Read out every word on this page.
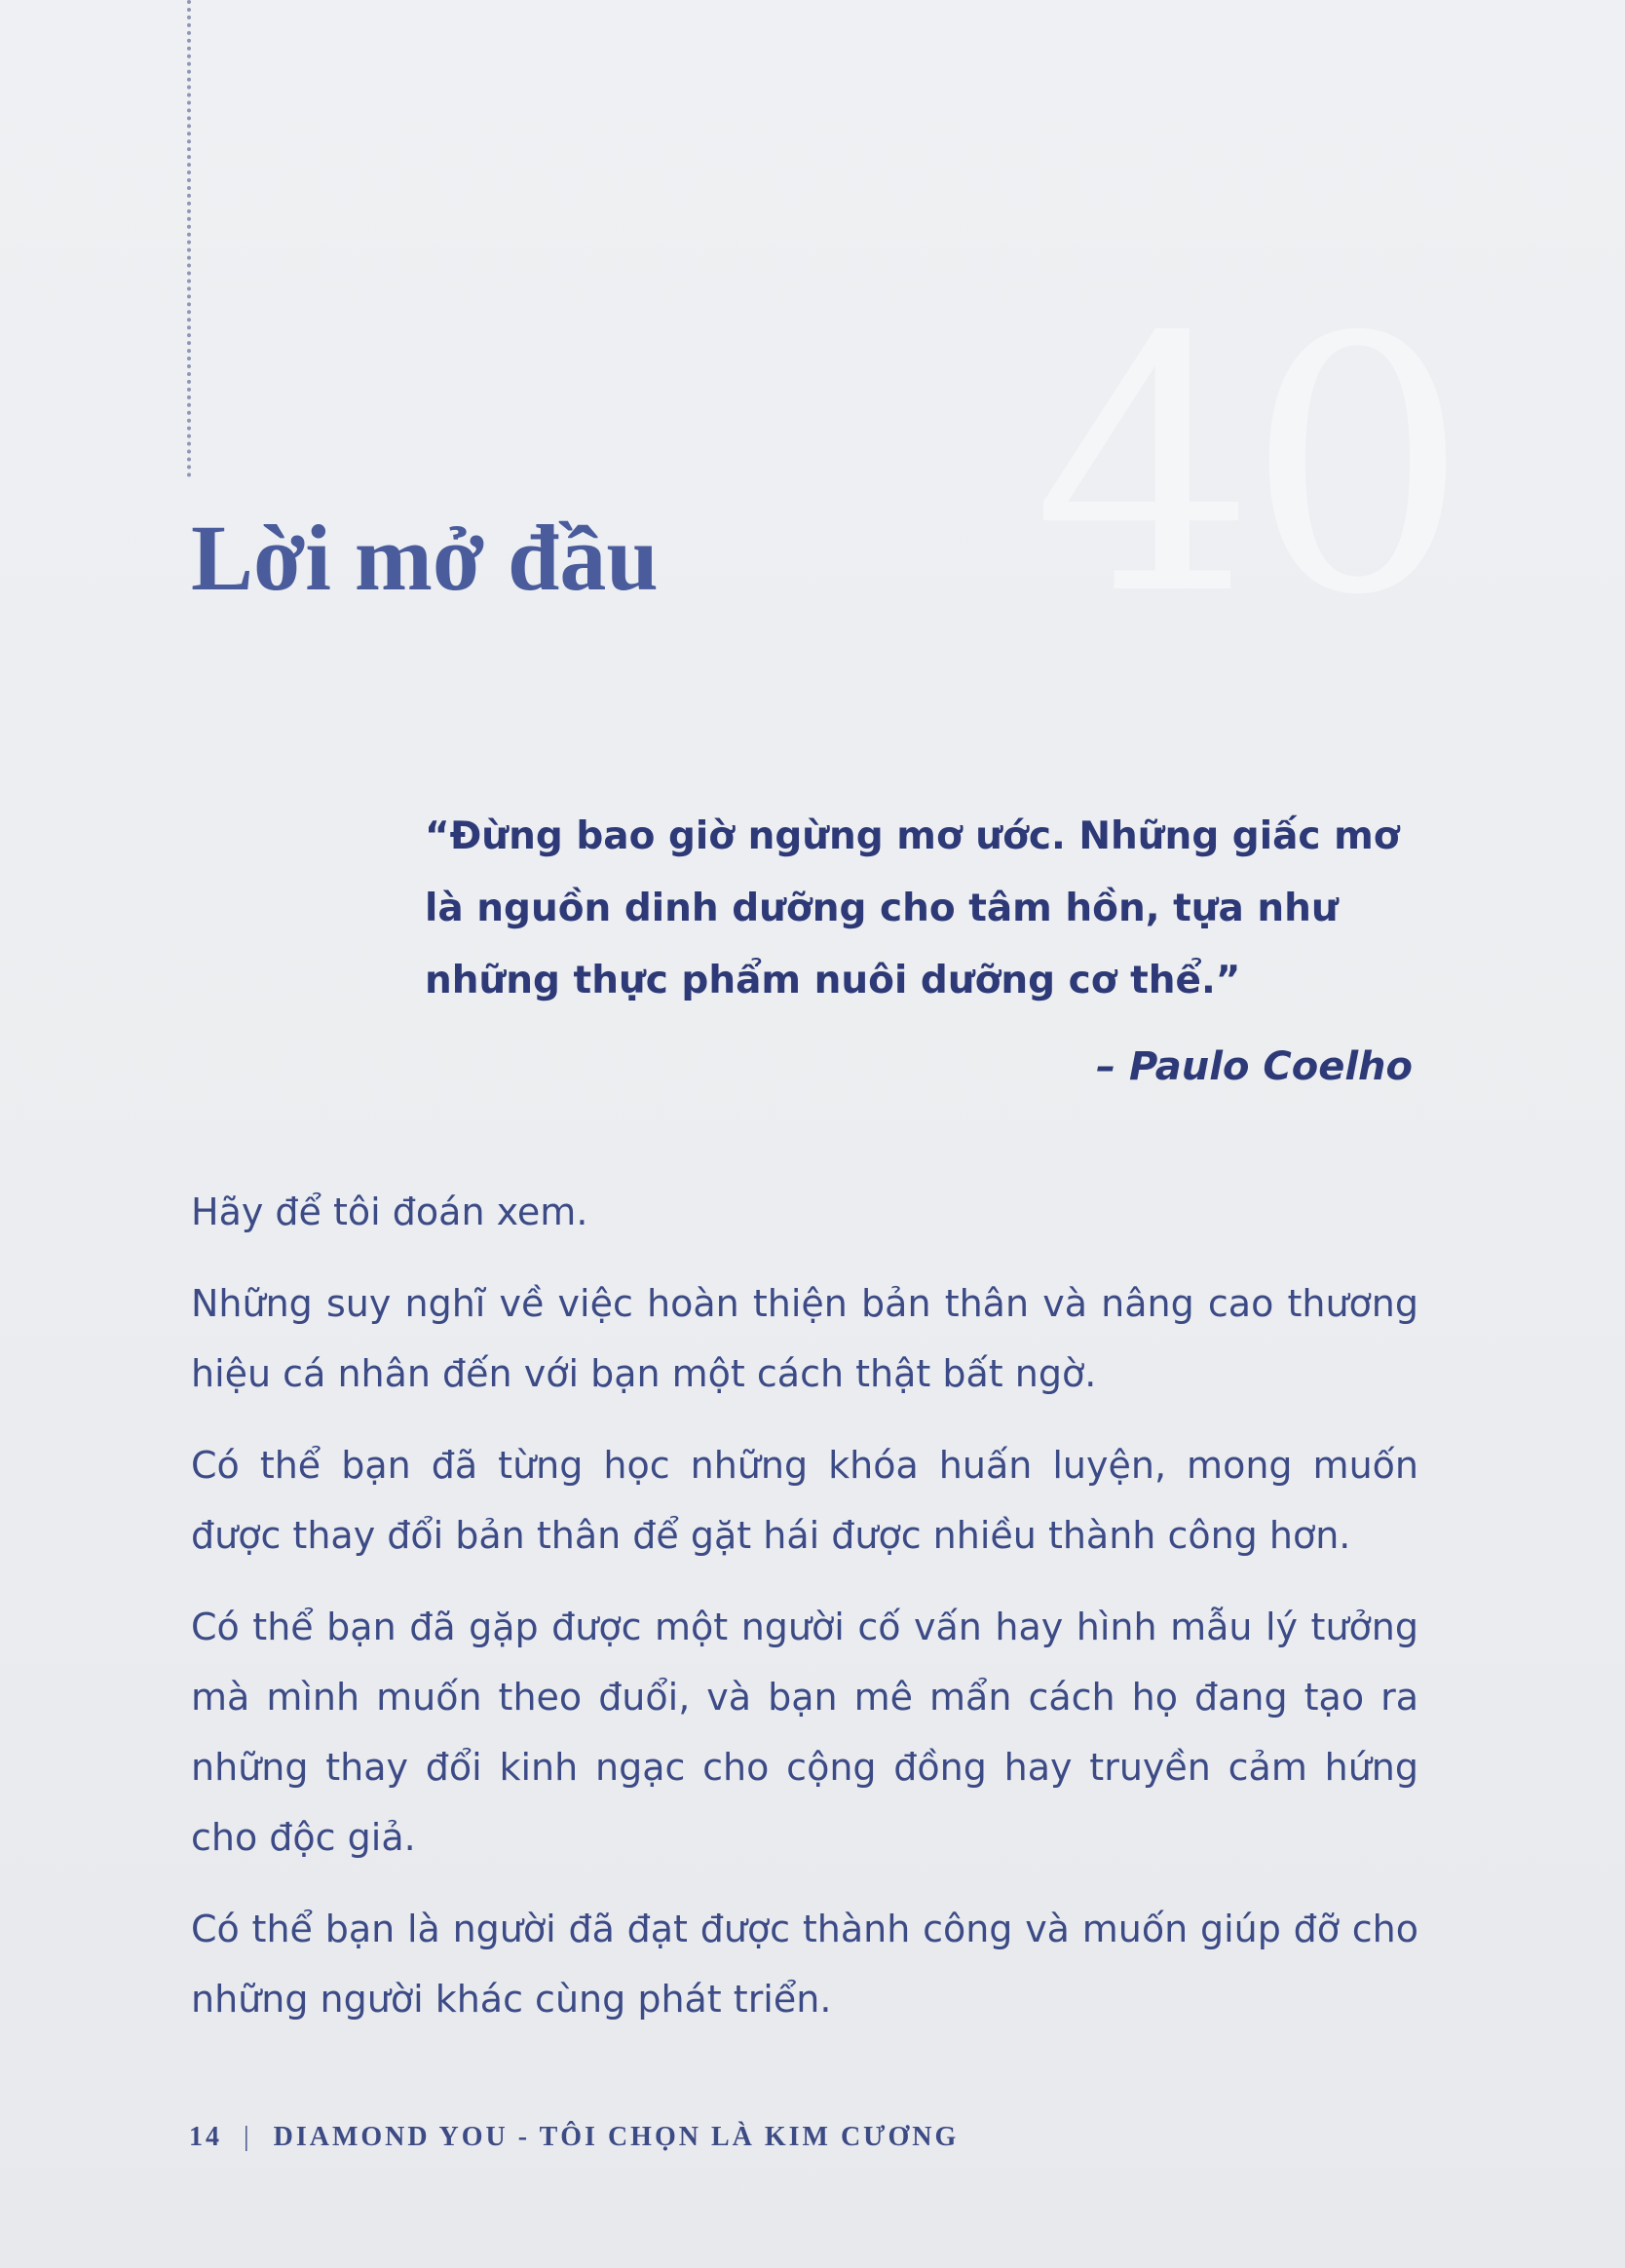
40
Lời mở đầu

“Đừng bao giờ ngừng mơ ước. Những giấc mơ là nguồn dinh dưỡng cho tâm hồn, tựa như những thực phẩm nuôi dưỡng cơ thể.”

– Paulo Coelho

Hãy để tôi đoán xem.

Những suy nghĩ về việc hoàn thiện bản thân và nâng cao thương hiệu cá nhân đến với bạn một cách thật bất ngờ.

Có thể bạn đã từng học những khóa huấn luyện, mong muốn được thay đổi bản thân để gặt hái được nhiều thành công hơn.

Có thể bạn đã gặp được một người cố vấn hay hình mẫu lý tưởng mà mình muốn theo đuổi, và bạn mê mẩn cách họ đang tạo ra những thay đổi kinh ngạc cho cộng đồng hay truyền cảm hứng cho độc giả.

Có thể bạn là người đã đạt được thành công và muốn giúp đỡ cho những người khác cùng phát triển.

14 | DIAMOND YOU - TÔI CHỌN LÀ KIM CƯƠNG
